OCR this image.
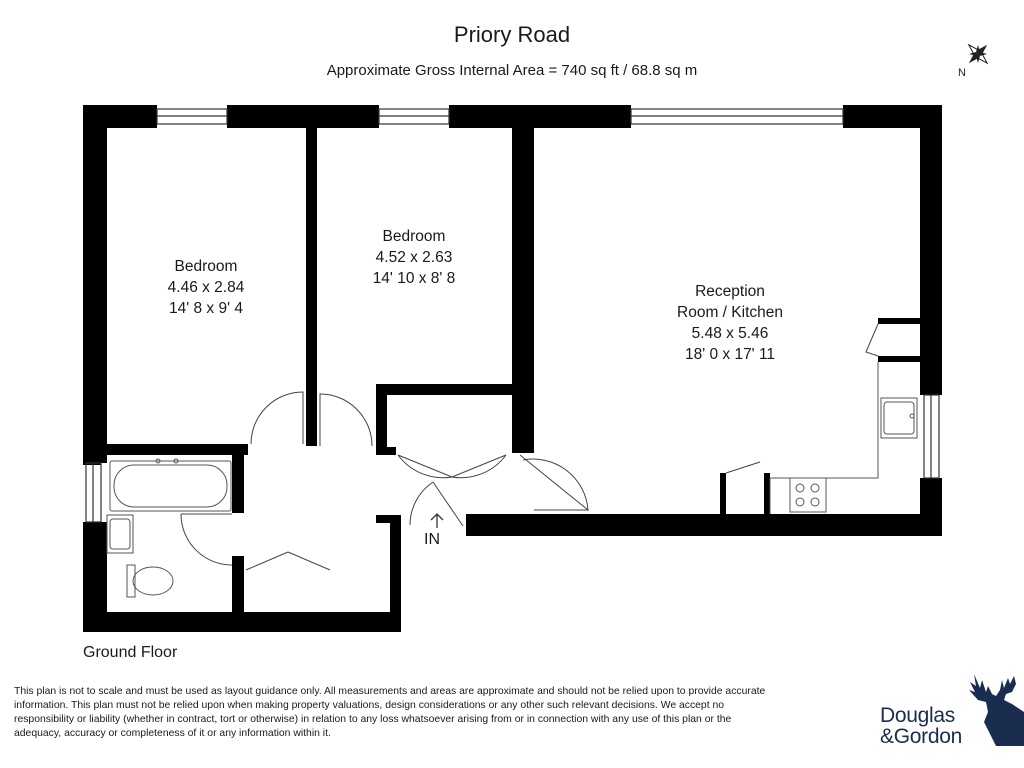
Priory Road
Approximate Gross Internal Area = 740 sq ft / 68.8 sq m	N
Bedroom
4.46 x 2.84
14' 8 x 9' 4
Bedroom
4.52 x 2.63
14' 10 x 8' 8
Reception
Room / Kitchen
5.48 x 5.46
18' 0 x 17' 11
IN
Ground Floor
This plan is not to scale and must be used as layout guidance only. All measurements and areas are approximate and should not be relied upon to provide accurate information. This plan must not be relied upon when making property valuations, design considerations or any other such relevant decisions. We accept no responsibility or liability (whether in contract, tort or otherwise) in relation to any loss whatsoever arising from or in connection with any use of this plan or the adequacy, accuracy or completeness of it or any information within it.
Douglas
&Gordon
